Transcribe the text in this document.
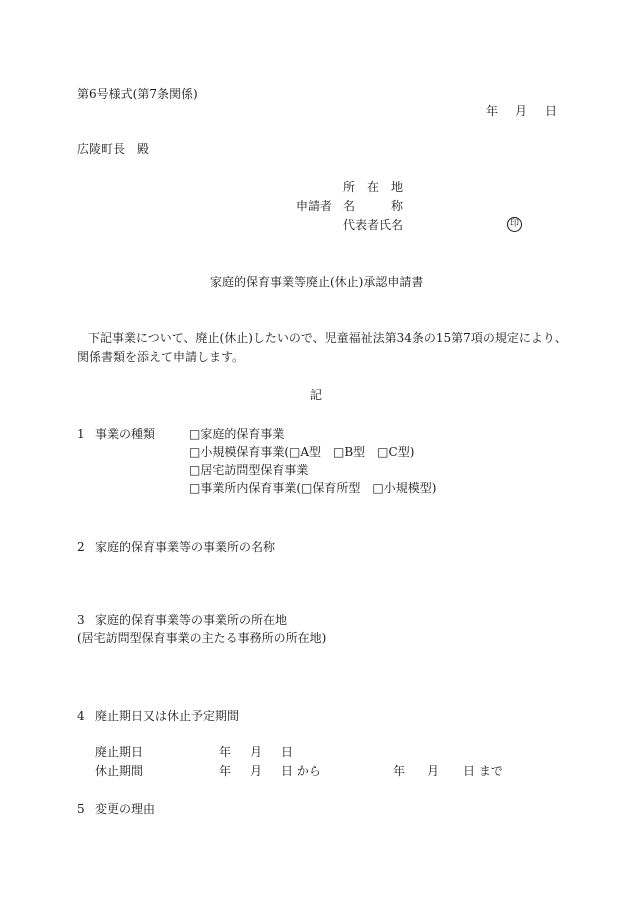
第6号様式(第7条関係)
年 月 日
広陵町長　殿
所　在　地
申請者 名　　　称
代表者氏名	印
家庭的保育事業等廃止(休止)承認申請書
下記事業について、廃止(休止)したいので、児童福祉法第34条の15第7項の規定により、
関係書類を添えて申請します。
記
1 事業の種類	□家庭的保育事業
□小規模保育事業(□A型　□B型　□C型)
□居宅訪問型保育事業
□事業所内保育事業(□保育所型　□小規模型)
2 家庭的保育事業等の事業所の名称
3 家庭的保育事業等の事業所の所在地
(居宅訪問型保育事業の主たる事務所の所在地)
4 廃止期日又は休止予定期間
廃止期日	年 月 日
休止期間	年 月 日 から	年 月 日 まで
5 変更の理由
